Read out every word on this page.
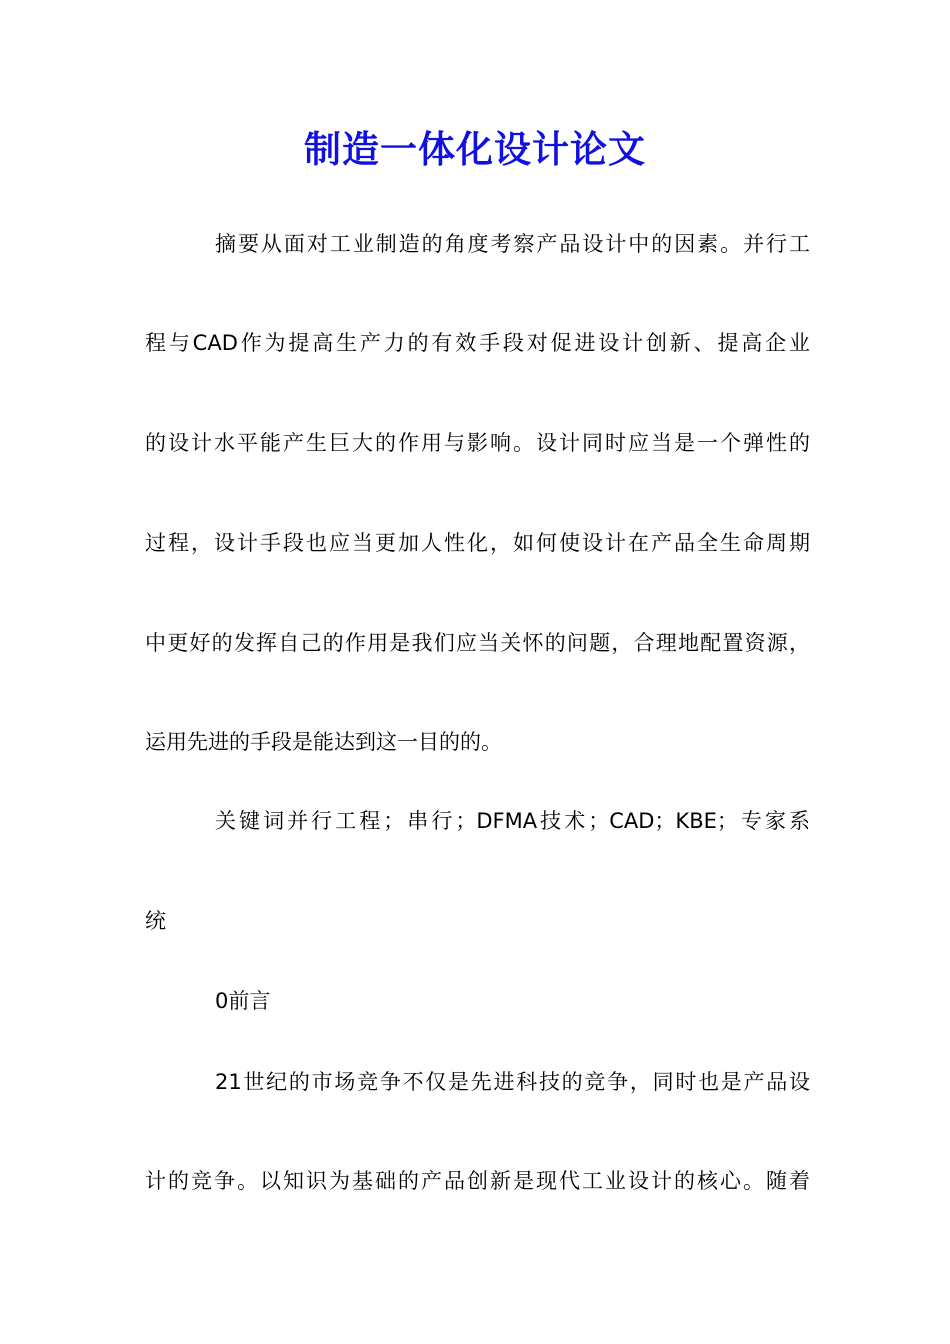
制造一体化设计论文
摘要从面对工业制造的角度考察产品设计中的因素。并行工
程与CAD作为提高生产力的有效手段对促进设计创新、提高企业
的设计水平能产生巨大的作用与影响。设计同时应当是一个弹性的
过程，设计手段也应当更加人性化，如何使设计在产品全生命周期
中更好的发挥自己的作用是我们应当关怀的问题，合理地配置资源，
运用先进的手段是能达到这一目的的。
关键词并行工程；串行；DFMA技术；CAD；KBE；专家系
统
0前言
21世纪的市场竞争不仅是先进科技的竞争，同时也是产品设
计的竞争。以知识为基础的产品创新是现代工业设计的核心。随着
